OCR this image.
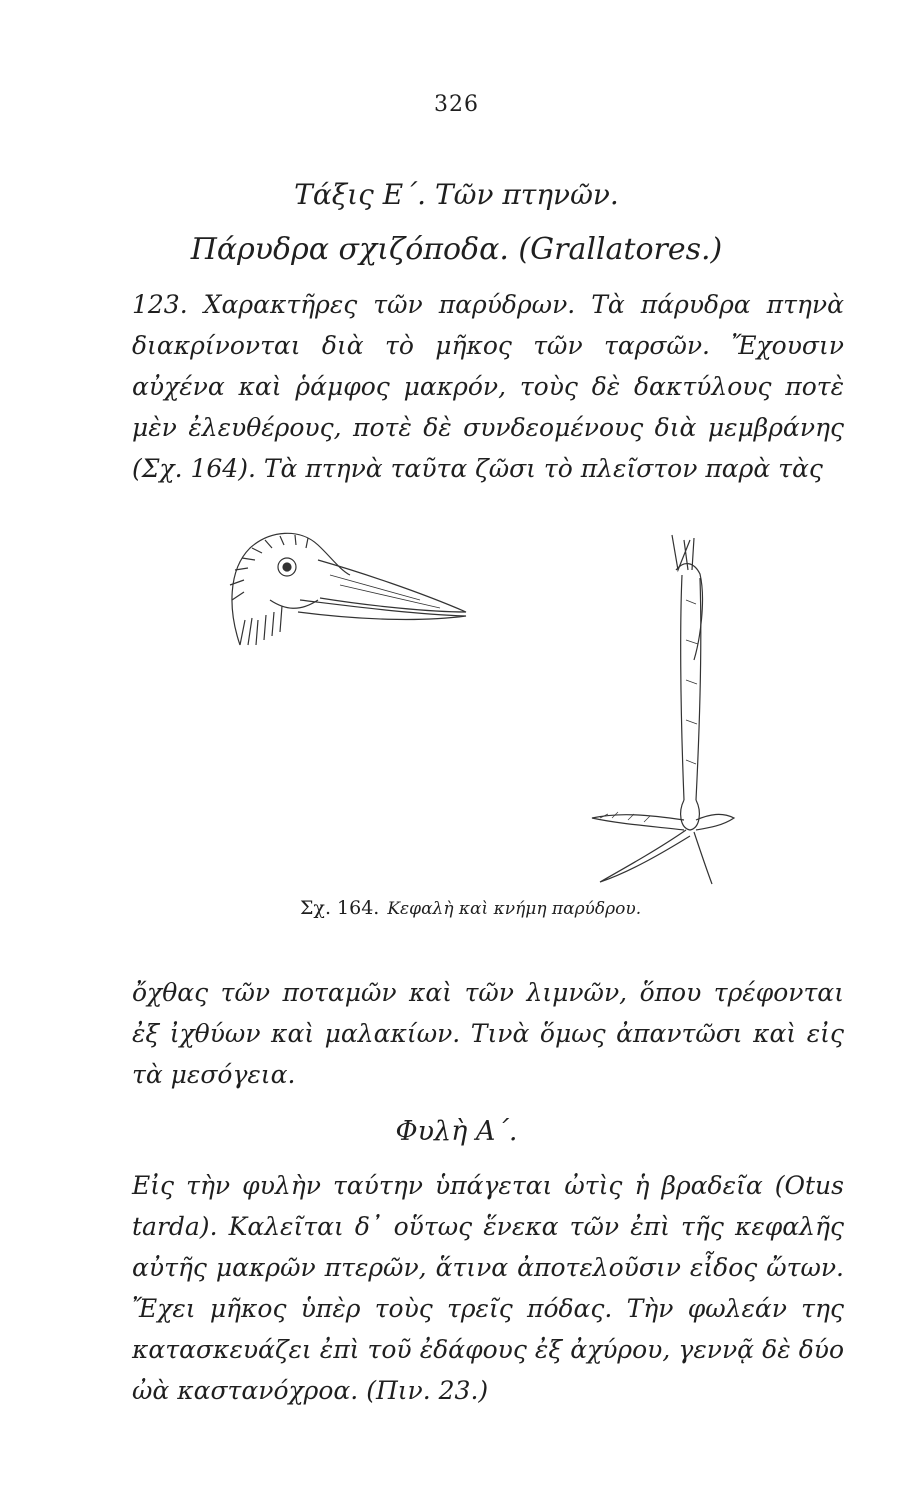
326
Τάξις Ε΄. Τῶν πτηνῶν.
Πάρυδρα σχιζόποδα. (Grallatores.)

123. Χαρακτῆρες τῶν παρύδρων. Τὰ πάρυδρα πτηνὰ διακρίνονται διὰ τὸ μῆκος τῶν ταρσῶν. Ἔχουσιν αὐχένα καὶ ῥάμφος μακρόν, τοὺς δὲ δακτύλους ποτὲ μὲν ἐλευθέρους, ποτὲ δὲ συνδεομένους διὰ μεμβράνης (Σχ. 164). Τὰ πτηνὰ ταῦτα ζῶσι τὸ πλεῖστον παρὰ τὰς

Σχ. 164. Κεφαλὴ καὶ κνήμη παρύδρου.

ὄχθας τῶν ποταμῶν καὶ τῶν λιμνῶν, ὅπου τρέφονται ἐξ ἰχθύων καὶ μαλακίων. Τινὰ ὅμως ἀπαντῶσι καὶ εἰς τὰ μεσόγεια.

Φυλὴ Α΄.

Εἰς τὴν φυλὴν ταύτην ὑπάγεται ὠτὶς ἡ βραδεῖα (Otus tarda). Καλεῖται δ᾽ οὕτως ἕνεκα τῶν ἐπὶ τῆς κεφαλῆς αὐτῆς μακρῶν πτερῶν, ἅτινα ἀποτελοῦσιν εἶδος ὤτων. Ἔχει μῆκος ὑπὲρ τοὺς τρεῖς πόδας. Τὴν φωλεάν της κατασκευάζει ἐπὶ τοῦ ἐδάφους ἐξ ἀχύρου, γεννᾷ δὲ δύο ὠὰ καστανόχροα. (Πιν. 23.)
